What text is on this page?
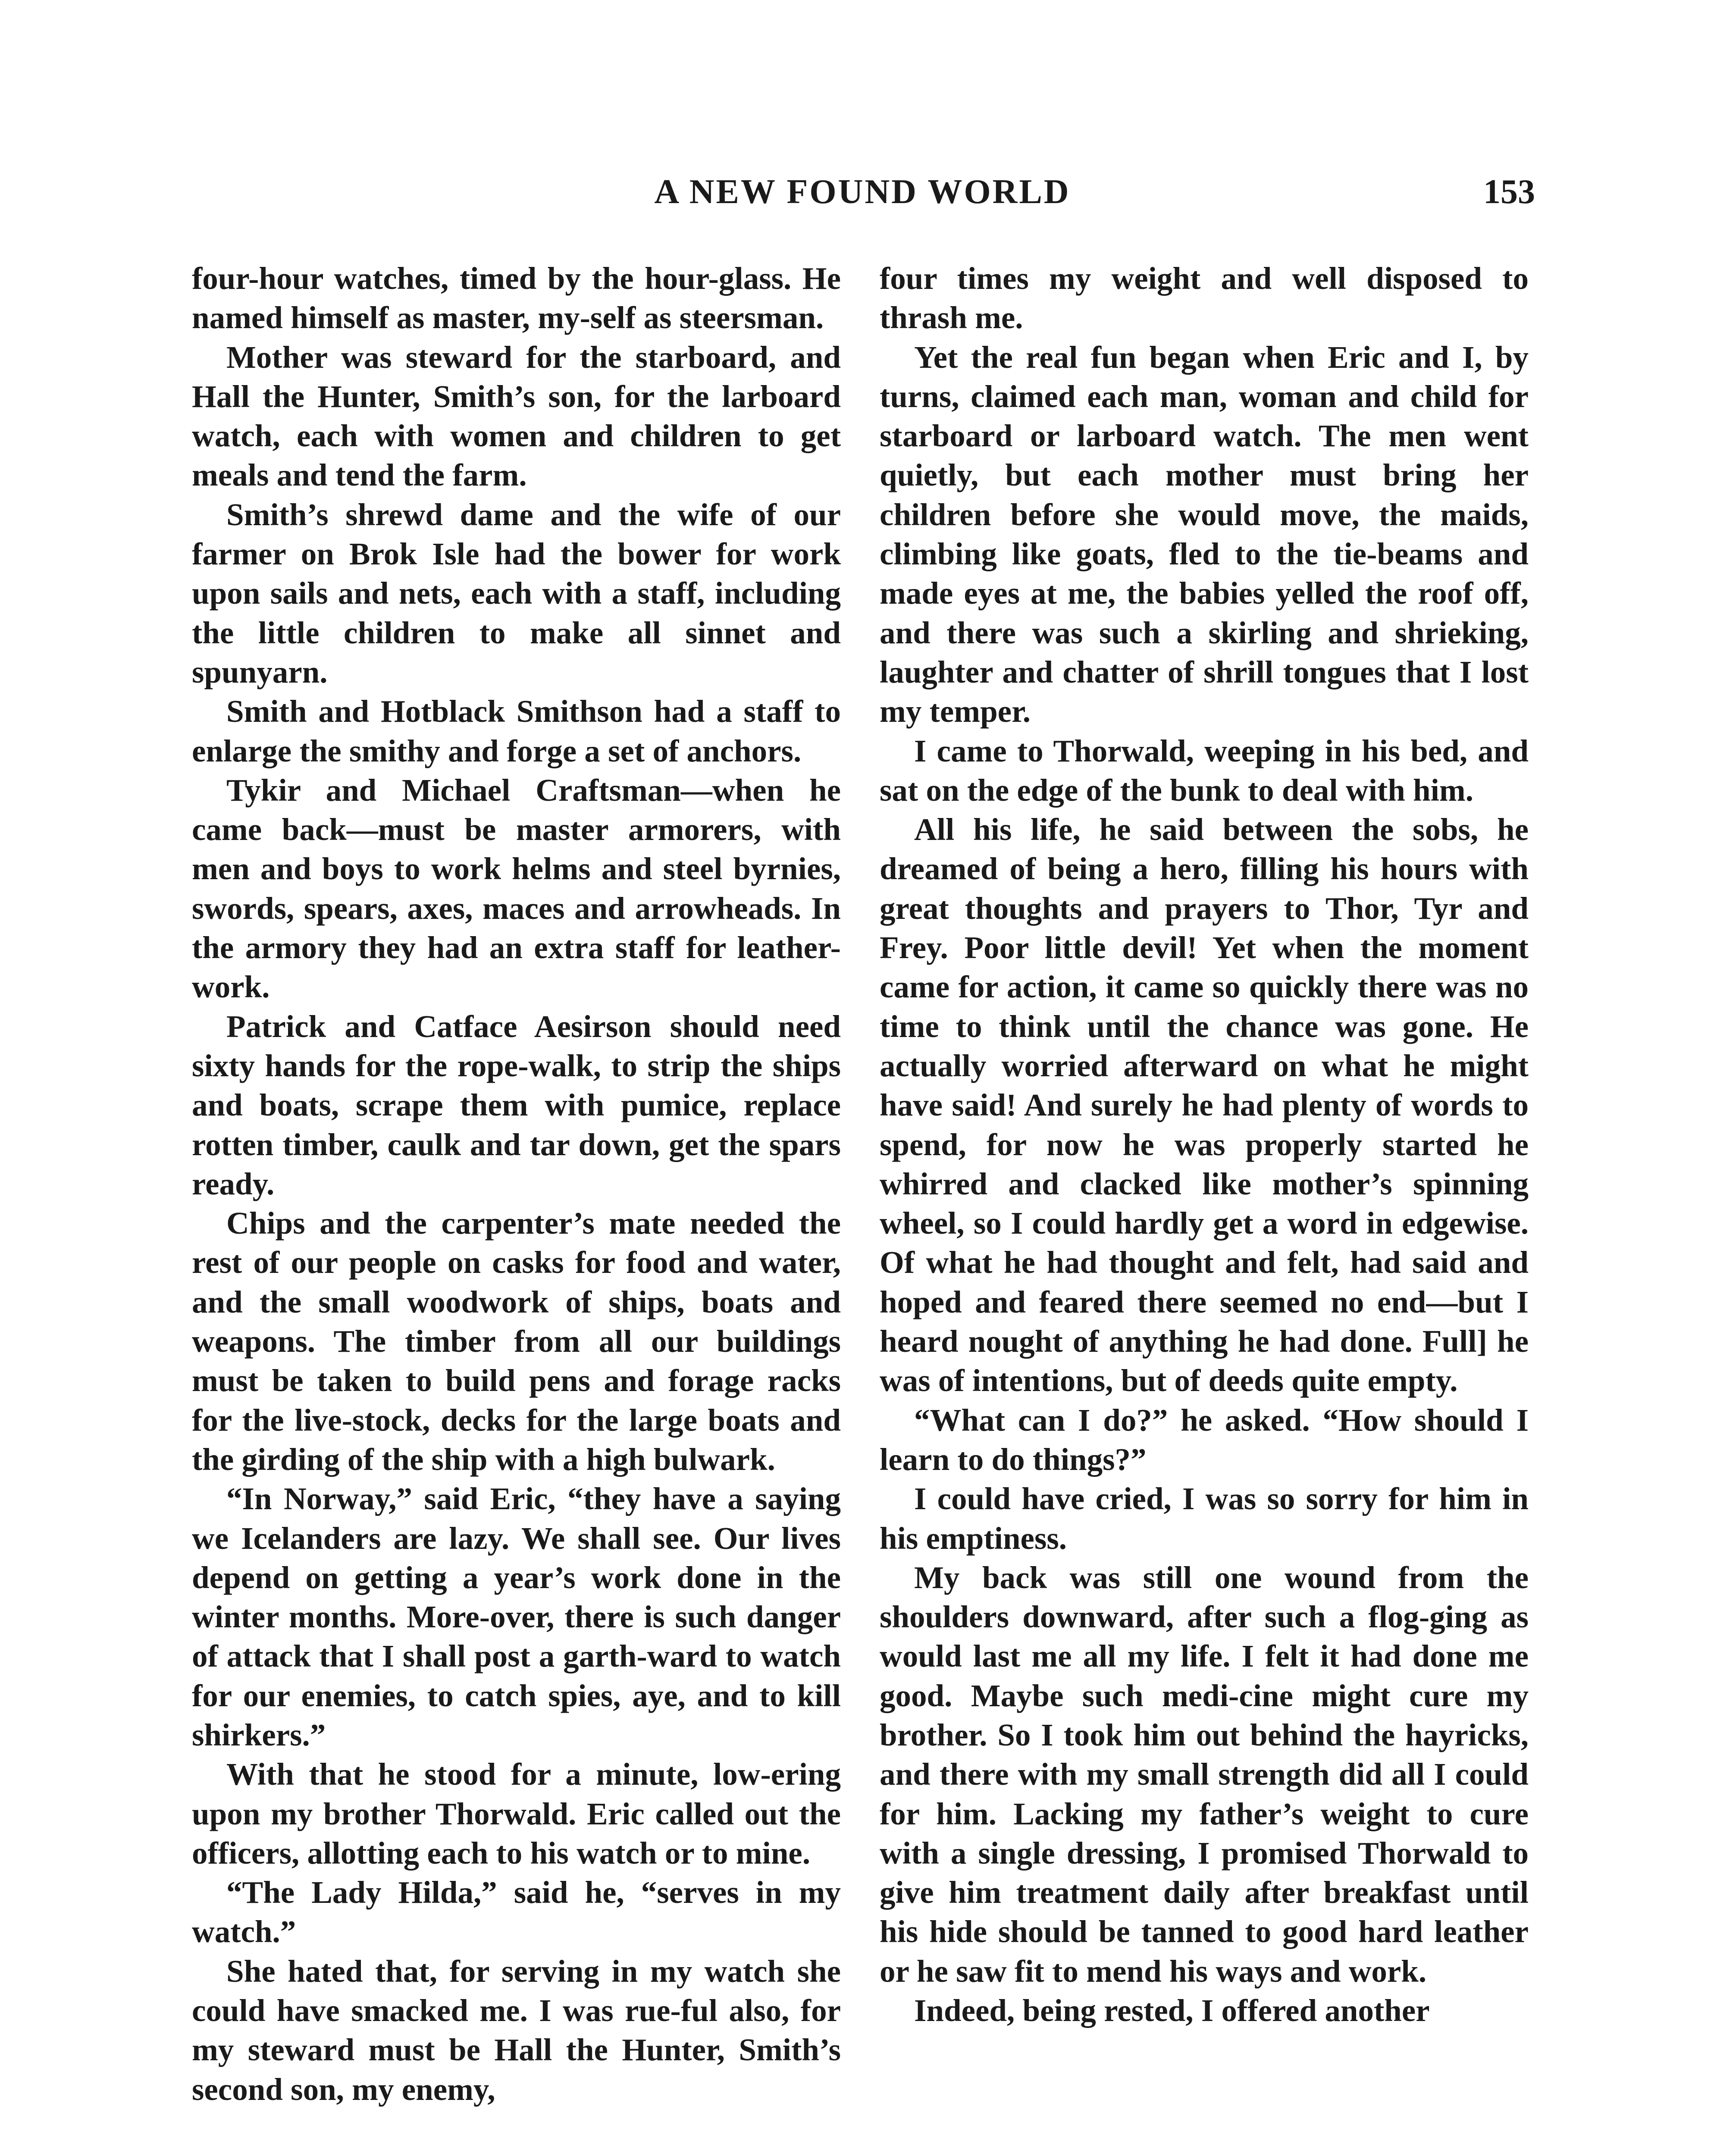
A NEW FOUND WORLD	153

four-hour watches, timed by the hour-glass. He named himself as master, my-self as steersman.

Mother was steward for the starboard, and Hall the Hunter, Smith’s son, for the larboard watch, each with women and children to get meals and tend the farm.

Smith’s shrewd dame and the wife of our farmer on Brok Isle had the bower for work upon sails and nets, each with a staff, including the little children to make all sinnet and spunyarn.

Smith and Hotblack Smithson had a staff to enlarge the smithy and forge a set of anchors.

Tykir and Michael Craftsman—when he came back—must be master armorers, with men and boys to work helms and steel byrnies, swords, spears, axes, maces and arrowheads. In the armory they had an extra staff for leather-work.

Patrick and Catface Aesirson should need sixty hands for the rope-walk, to strip the ships and boats, scrape them with pumice, replace rotten timber, caulk and tar down, get the spars ready.

Chips and the carpenter’s mate needed the rest of our people on casks for food and water, and the small woodwork of ships, boats and weapons. The timber from all our buildings must be taken to build pens and forage racks for the live-stock, decks for the large boats and the girding of the ship with a high bulwark.

“In Norway,” said Eric, “they have a saying we Icelanders are lazy. We shall see. Our lives depend on getting a year’s work done in the winter months. More-over, there is such danger of attack that I shall post a garth-ward to watch for our enemies, to catch spies, aye, and to kill shirkers.”

With that he stood for a minute, low-ering upon my brother Thorwald. Eric called out the officers, allotting each to his watch or to mine.

“The Lady Hilda,” said he, “serves in my watch.”

She hated that, for serving in my watch she could have smacked me. I was rue-ful also, for my steward must be Hall the Hunter, Smith’s second son, my enemy,

four times my weight and well disposed to thrash me.

Yet the real fun began when Eric and I, by turns, claimed each man, woman and child for starboard or larboard watch. The men went quietly, but each mother must bring her children before she would move, the maids, climbing like goats, fled to the tie-beams and made eyes at me, the babies yelled the roof off, and there was such a skirling and shrieking, laughter and chatter of shrill tongues that I lost my temper.

I came to Thorwald, weeping in his bed, and sat on the edge of the bunk to deal with him.

All his life, he said between the sobs, he dreamed of being a hero, filling his hours with great thoughts and prayers to Thor, Tyr and Frey. Poor little devil! Yet when the moment came for action, it came so quickly there was no time to think until the chance was gone. He actually worried afterward on what he might have said! And surely he had plenty of words to spend, for now he was properly started he whirred and clacked like mother’s spinning wheel, so I could hardly get a word in edgewise. Of what he had thought and felt, had said and hoped and feared there seemed no end—but I heard nought of anything he had done. Full] he was of intentions, but of deeds quite empty.

“What can I do?” he asked. “How should I learn to do things?”

I could have cried, I was so sorry for him in his emptiness.

My back was still one wound from the shoulders downward, after such a flog-ging as would last me all my life. I felt it had done me good. Maybe such medi-cine might cure my brother. So I took him out behind the hayricks, and there with my small strength did all I could for him. Lacking my father’s weight to cure with a single dressing, I promised Thorwald to give him treatment daily after breakfast until his hide should be tanned to good hard leather or he saw fit to mend his ways and work.

Indeed, being rested, I offered another
